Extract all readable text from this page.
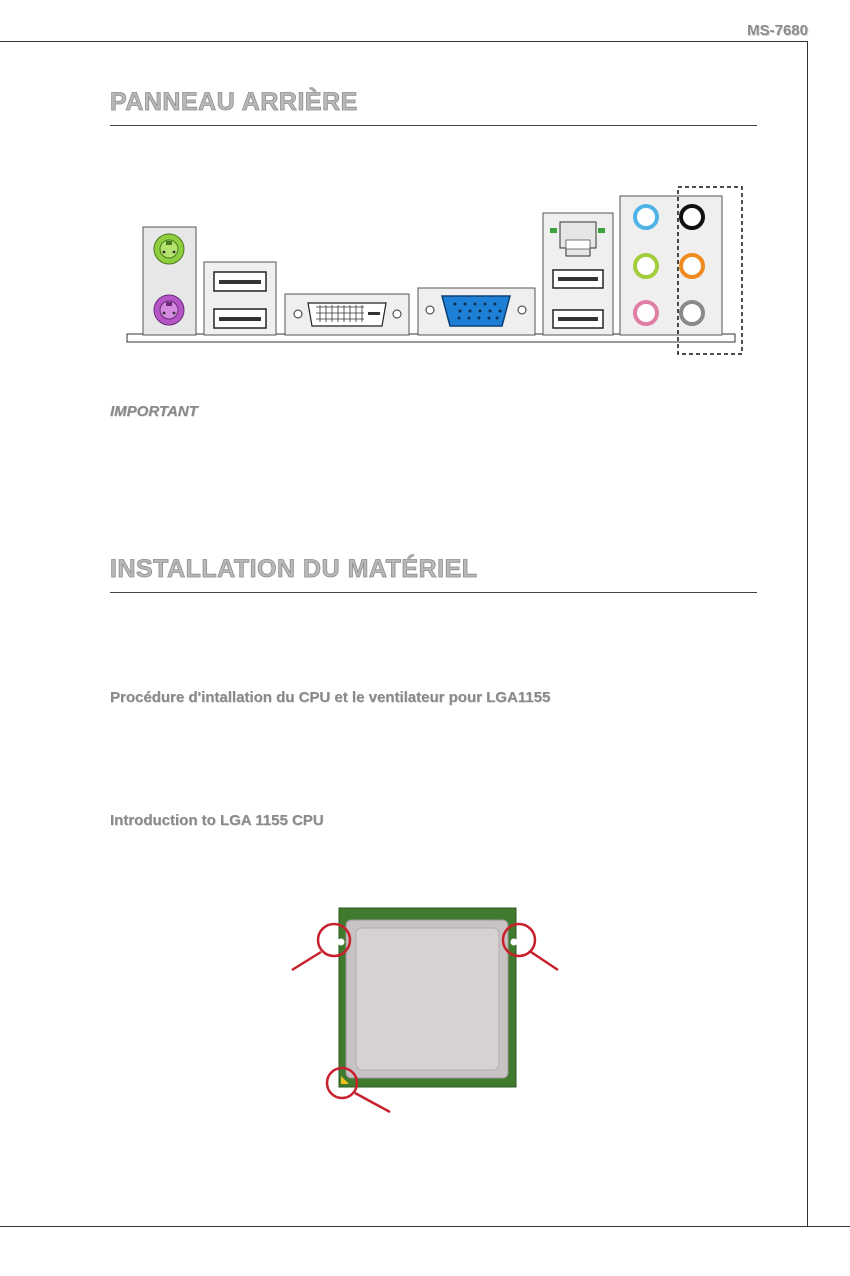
MS-7680
PANNEAU ARRIÈRE
IMPORTANT
INSTALLATION DU MATÉRIEL
Procédure d'intallation du CPU et le ventilateur pour LGA1155
Introduction to LGA 1155 CPU
